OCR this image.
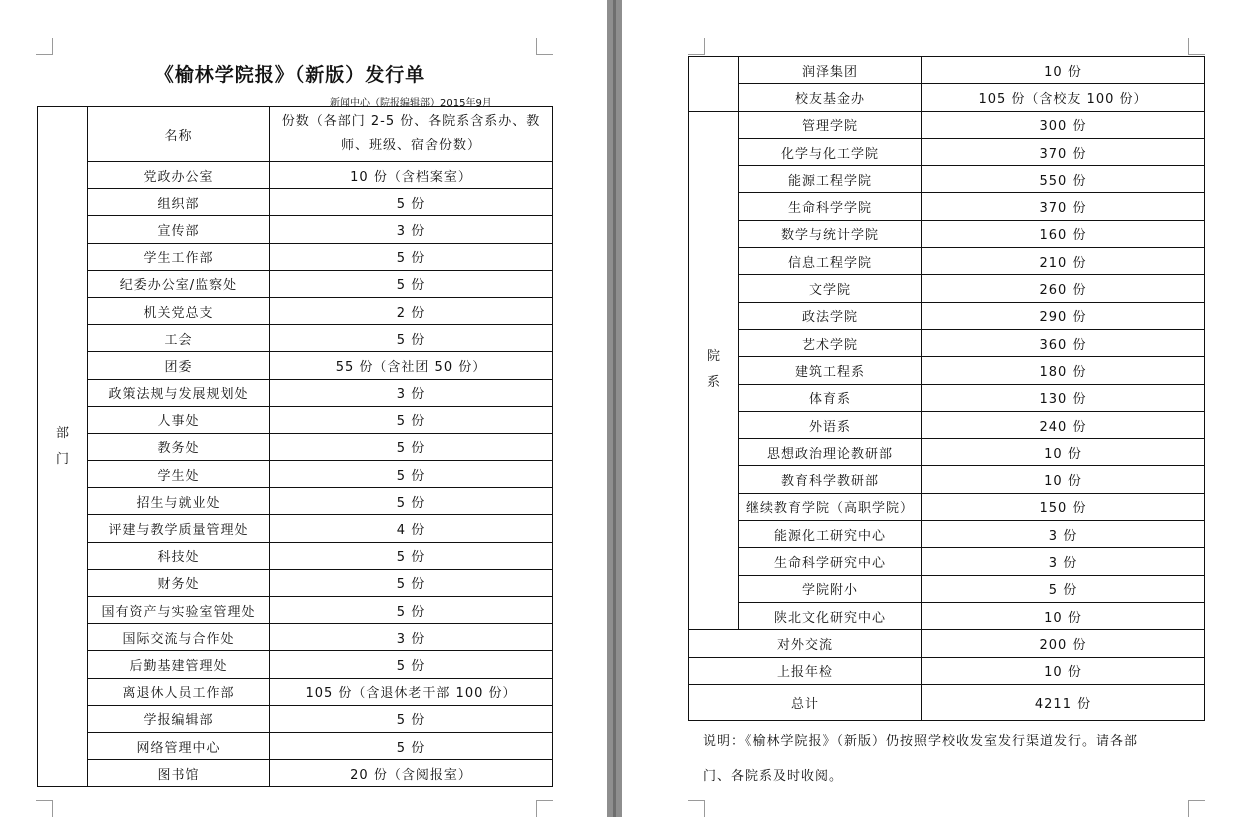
《榆林学院报》（新版）发行单
新闻中心（院报编辑部）2015年9月
部门	名称	份数（各部门 2-5 份、各院系含系办、教
师、班级、宿舍份数）

	党政办公室	10 份（含档案室）
	组织部	5 份
	宣传部	3 份
	学生工作部	5 份
	纪委办公室/监察处	5 份
	机关党总支	2 份
	工会	5 份
	团委	55 份（含社团 50 份）
	政策法规与发展规划处	3 份
	人事处	5 份
	教务处	5 份
	学生处	5 份
	招生与就业处	5 份
	评建与教学质量管理处	4 份
	科技处	5 份
	财务处	5 份
	国有资产与实验室管理处	5 份
	国际交流与合作处	3 份
	后勤基建管理处	5 份
	离退休人员工作部	105 份（含退休老干部 100 份）
	学报编辑部	5 份
	网络管理中心	5 份
	图书馆	20 份（含阅报室）
	润泽集团	10 份
	校友基金办	105 份（含校友 100 份）
院系	管理学院	300 份
	化学与化工学院	370 份
	能源工程学院	550 份
	生命科学学院	370 份
	数学与统计学院	160 份
	信息工程学院	210 份
	文学院	260 份
	政法学院	290 份
	艺术学院	360 份
	建筑工程系	180 份
	体育系	130 份
	外语系	240 份
	思想政治理论教研部	10 份
	教育科学教研部	10 份
	继续教育学院（高职学院）	150 份
	能源化工研究中心	3 份
	生命科学研究中心	3 份
	学院附小	5 份
	陕北文化研究中心	10 份
对外交流		200 份
上报年检		10 份
总计		4211 份
说明：《榆林学院报》（新版）仍按照学校收发室发行渠道发行。请各部
门、各院系及时收阅。
